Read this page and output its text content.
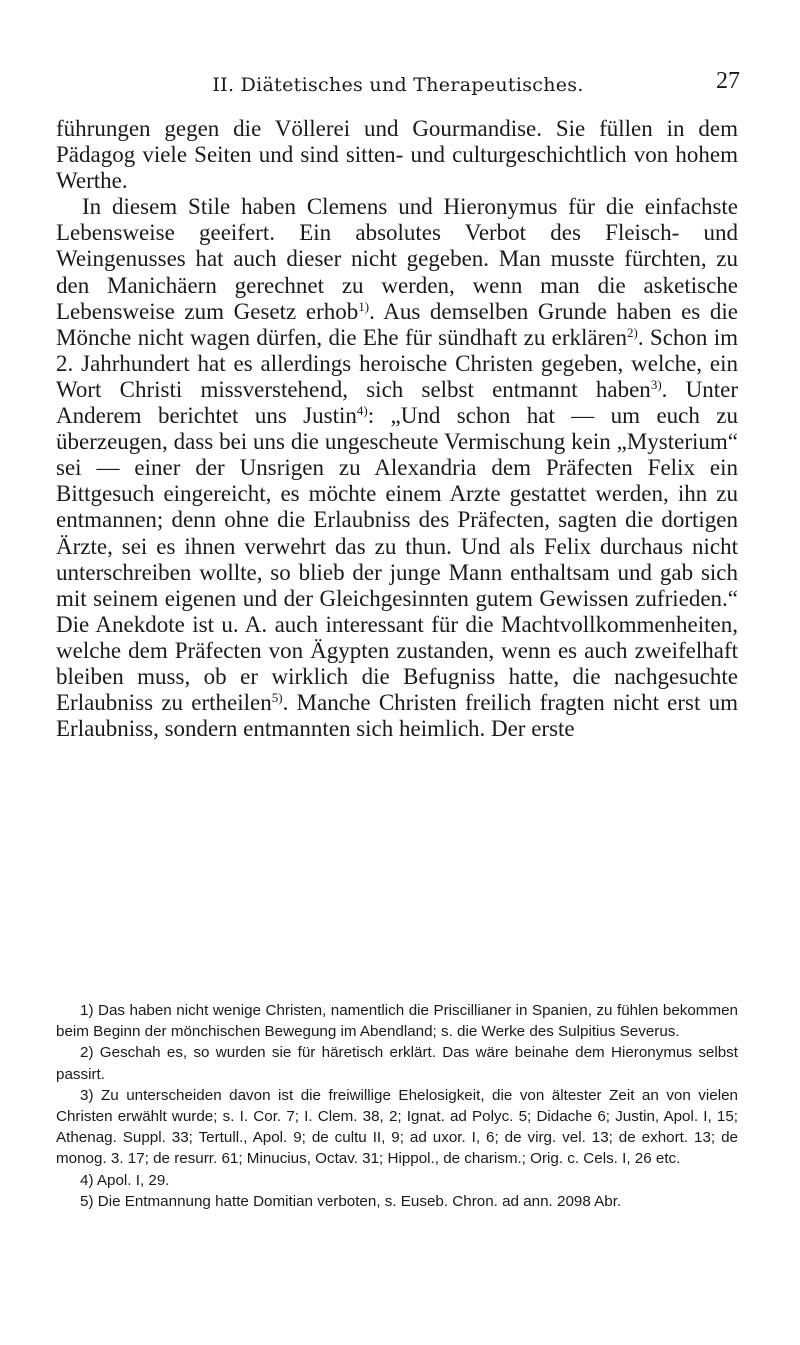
II. Diätetisches und Therapeutisches.	27

führungen gegen die Völlerei und Gourmandise. Sie füllen in dem Pädagog viele Seiten und sind sitten- und culturgeschichtlich von hohem Werthe.

In diesem Stile haben Clemens und Hieronymus für die einfachste Lebensweise geeifert. Ein absolutes Verbot des Fleisch- und Weingenusses hat auch dieser nicht gegeben. Man musste fürchten, zu den Manichäern gerechnet zu werden, wenn man die asketische Lebensweise zum Gesetz erhob$^{1)}$. Aus demselben Grunde haben es die Mönche nicht wagen dürfen, die Ehe für sündhaft zu erklären$^{2)}$. Schon im 2. Jahrhundert hat es allerdings heroische Christen gegeben, welche, ein Wort Christi missverstehend, sich selbst entmannt haben$^{3)}$. Unter Anderem berichtet uns Justin$^{4)}$: „Und schon hat — um euch zu überzeugen, dass bei uns die ungescheute Vermischung kein „Mysterium“ sei — einer der Unsrigen zu Alexandria dem Präfecten Felix ein Bittgesuch eingereicht, es möchte einem Arzte gestattet werden, ihn zu entmannen; denn ohne die Erlaubniss des Präfecten, sagten die dortigen Ärzte, sei es ihnen verwehrt das zu thun. Und als Felix durchaus nicht unterschreiben wollte, so blieb der junge Mann enthaltsam und gab sich mit seinem eigenen und der Gleichgesinnten gutem Gewissen zufrieden.“ Die Anekdote ist u. A. auch interessant für die Machtvollkommenheiten, welche dem Präfecten von Ägypten zustanden, wenn es auch zweifelhaft bleiben muss, ob er wirklich die Befugniss hatte, die nachgesuchte Erlaubniss zu ertheilen$^{5)}$. Manche Christen freilich fragten nicht erst um Erlaubniss, sondern entmannten sich heimlich. Der erste

1) Das haben nicht wenige Christen, namentlich die Priscillianer in Spanien, zu fühlen bekommen beim Beginn der mönchischen Bewegung im Abendland; s. die Werke des Sulpitius Severus.

2) Geschah es, so wurden sie für häretisch erklärt. Das wäre beinahe dem Hieronymus selbst passirt.

3) Zu unterscheiden davon ist die freiwillige Ehelosigkeit, die von ältester Zeit an von vielen Christen erwählt wurde; s. I. Cor. 7; I. Clem. 38, 2; Ignat. ad Polyc. 5; Didache 6; Justin, Apol. I, 15; Athenag. Suppl. 33; Tertull., Apol. 9; de cultu II, 9; ad uxor. I, 6; de virg. vel. 13; de exhort. 13; de monog. 3. 17; de resurr. 61; Minucius, Octav. 31; Hippol., de charism.; Orig. c. Cels. I, 26 etc.

4) Apol. I, 29.

5) Die Entmannung hatte Domitian verboten, s. Euseb. Chron. ad ann. 2098 Abr.
